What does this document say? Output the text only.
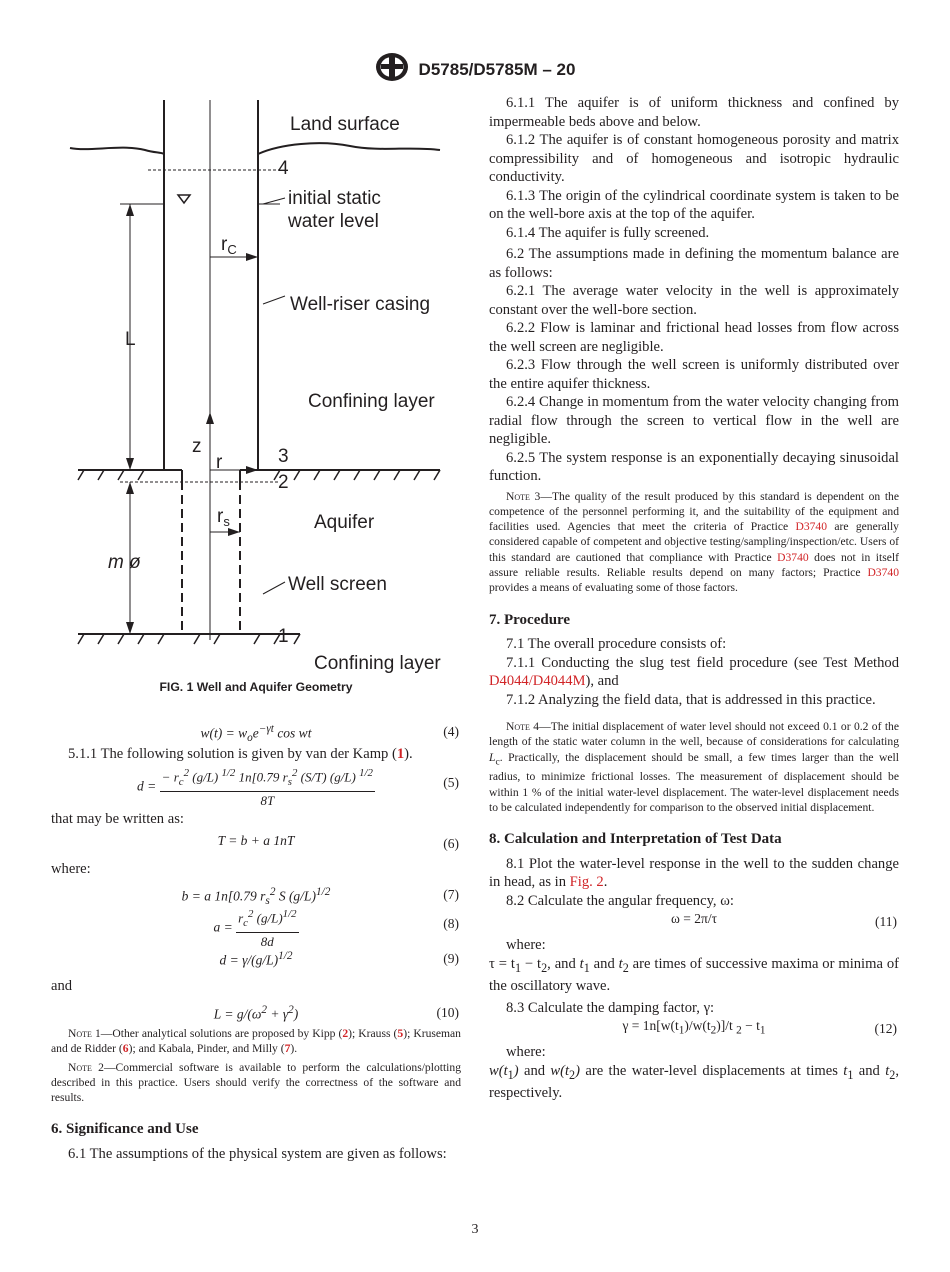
D5785/D5785M – 20
Land surface
4
initial static
water level
$r_C$
Well-riser casing
L
Confining layer
z
r	3
2
$r_s$	Aquifer
m ø
Well screen
1
Confining layer
FIG. 1 Well and Aquifer Geometry
$w(t) = w_oe^{-\gamma t}$ cos wt	(4)

5.1.1 The following solution is given by van der Kamp (1).

$d = \frac{- r_c^2 (g/L) ^{1/2} 1n[0.79 r_s^2 (S/T) (g/L) ^{1/2}}{8T}$	(5)

that may be written as:

T = b + a 1nT	(6)

where:

b = a 1n[0.79 $r_s^2$ S $(g/L)^{1/2}$	(7)
$a = \frac{r_c^2 (g/L)^{1/2}}{8d}$	(8)
$d = \gamma/(g/L)^{1/2}$	(9)

and

$L = g/(\omega^2 + \gamma^2)$	(10)

Note 1—Other analytical solutions are proposed by Kipp (2); Krauss (5); Kruseman and de Ridder (6); and Kabala, Pinder, and Milly (7).

Note 2—Commercial software is available to perform the calculations/plotting described in this practice. Users should verify the correctness of the software and results.

6. Significance and Use

6.1 The assumptions of the physical system are given as follows:

6.1.1 The aquifer is of uniform thickness and confined by impermeable beds above and below.

6.1.2 The aquifer is of constant homogeneous porosity and matrix compressibility and of homogeneous and isotropic hydraulic conductivity.

6.1.3 The origin of the cylindrical coordinate system is taken to be on the well-bore axis at the top of the aquifer.

6.1.4 The aquifer is fully screened.

6.2 The assumptions made in defining the momentum balance are as follows:

6.2.1 The average water velocity in the well is approximately constant over the well-bore section.

6.2.2 Flow is laminar and frictional head losses from flow across the well screen are negligible.

6.2.3 Flow through the well screen is uniformly distributed over the entire aquifer thickness.

6.2.4 Change in momentum from the water velocity changing from radial flow through the screen to vertical flow in the well are negligible.

6.2.5 The system response is an exponentially decaying sinusoidal function.

Note 3—The quality of the result produced by this standard is dependent on the competence of the personnel performing it, and the suitability of the equipment and facilities used. Agencies that meet the criteria of Practice D3740 are generally considered capable of competent and objective testing/sampling/inspection/etc. Users of this standard are cautioned that compliance with Practice D3740 does not in itself assure reliable results. Reliable results depend on many factors; Practice D3740 provides a means of evaluating some of those factors.

7. Procedure

7.1 The overall procedure consists of:

7.1.1 Conducting the slug test field procedure (see Test Method D4044/D4044M), and

7.1.2 Analyzing the field data, that is addressed in this practice.

Note 4—The initial displacement of water level should not exceed 0.1 or 0.2 of the length of the static water column in the well, because of considerations for calculating $L_c$. Practically, the displacement should be small, a few times larger than the well radius, to minimize frictional losses. The measurement of displacement should be within 1 % of the initial water-level displacement. The water-level displacement needs to be calculated independently for comparison to the observed initial displacement.

8. Calculation and Interpretation of Test Data

8.1 Plot the water-level response in the well to the sudden change in head, as in Fig. 2.

8.2 Calculate the angular frequency, ω:

ω = 2π/τ	(11)

where:

$\tau = t_1 - t_2$, and $t_1$ and $t_2$ are times of successive maxima or minima of the oscillatory wave.

8.3 Calculate the damping factor, γ:

$\gamma = 1n[w(t_1)/w(t_2)]/t$ $_2 - t_1$	(12)

where:

$w(t_1)$ and $w(t_2)$ are the water-level displacements at times $t_1$ and $t_2$, respectively.

3
